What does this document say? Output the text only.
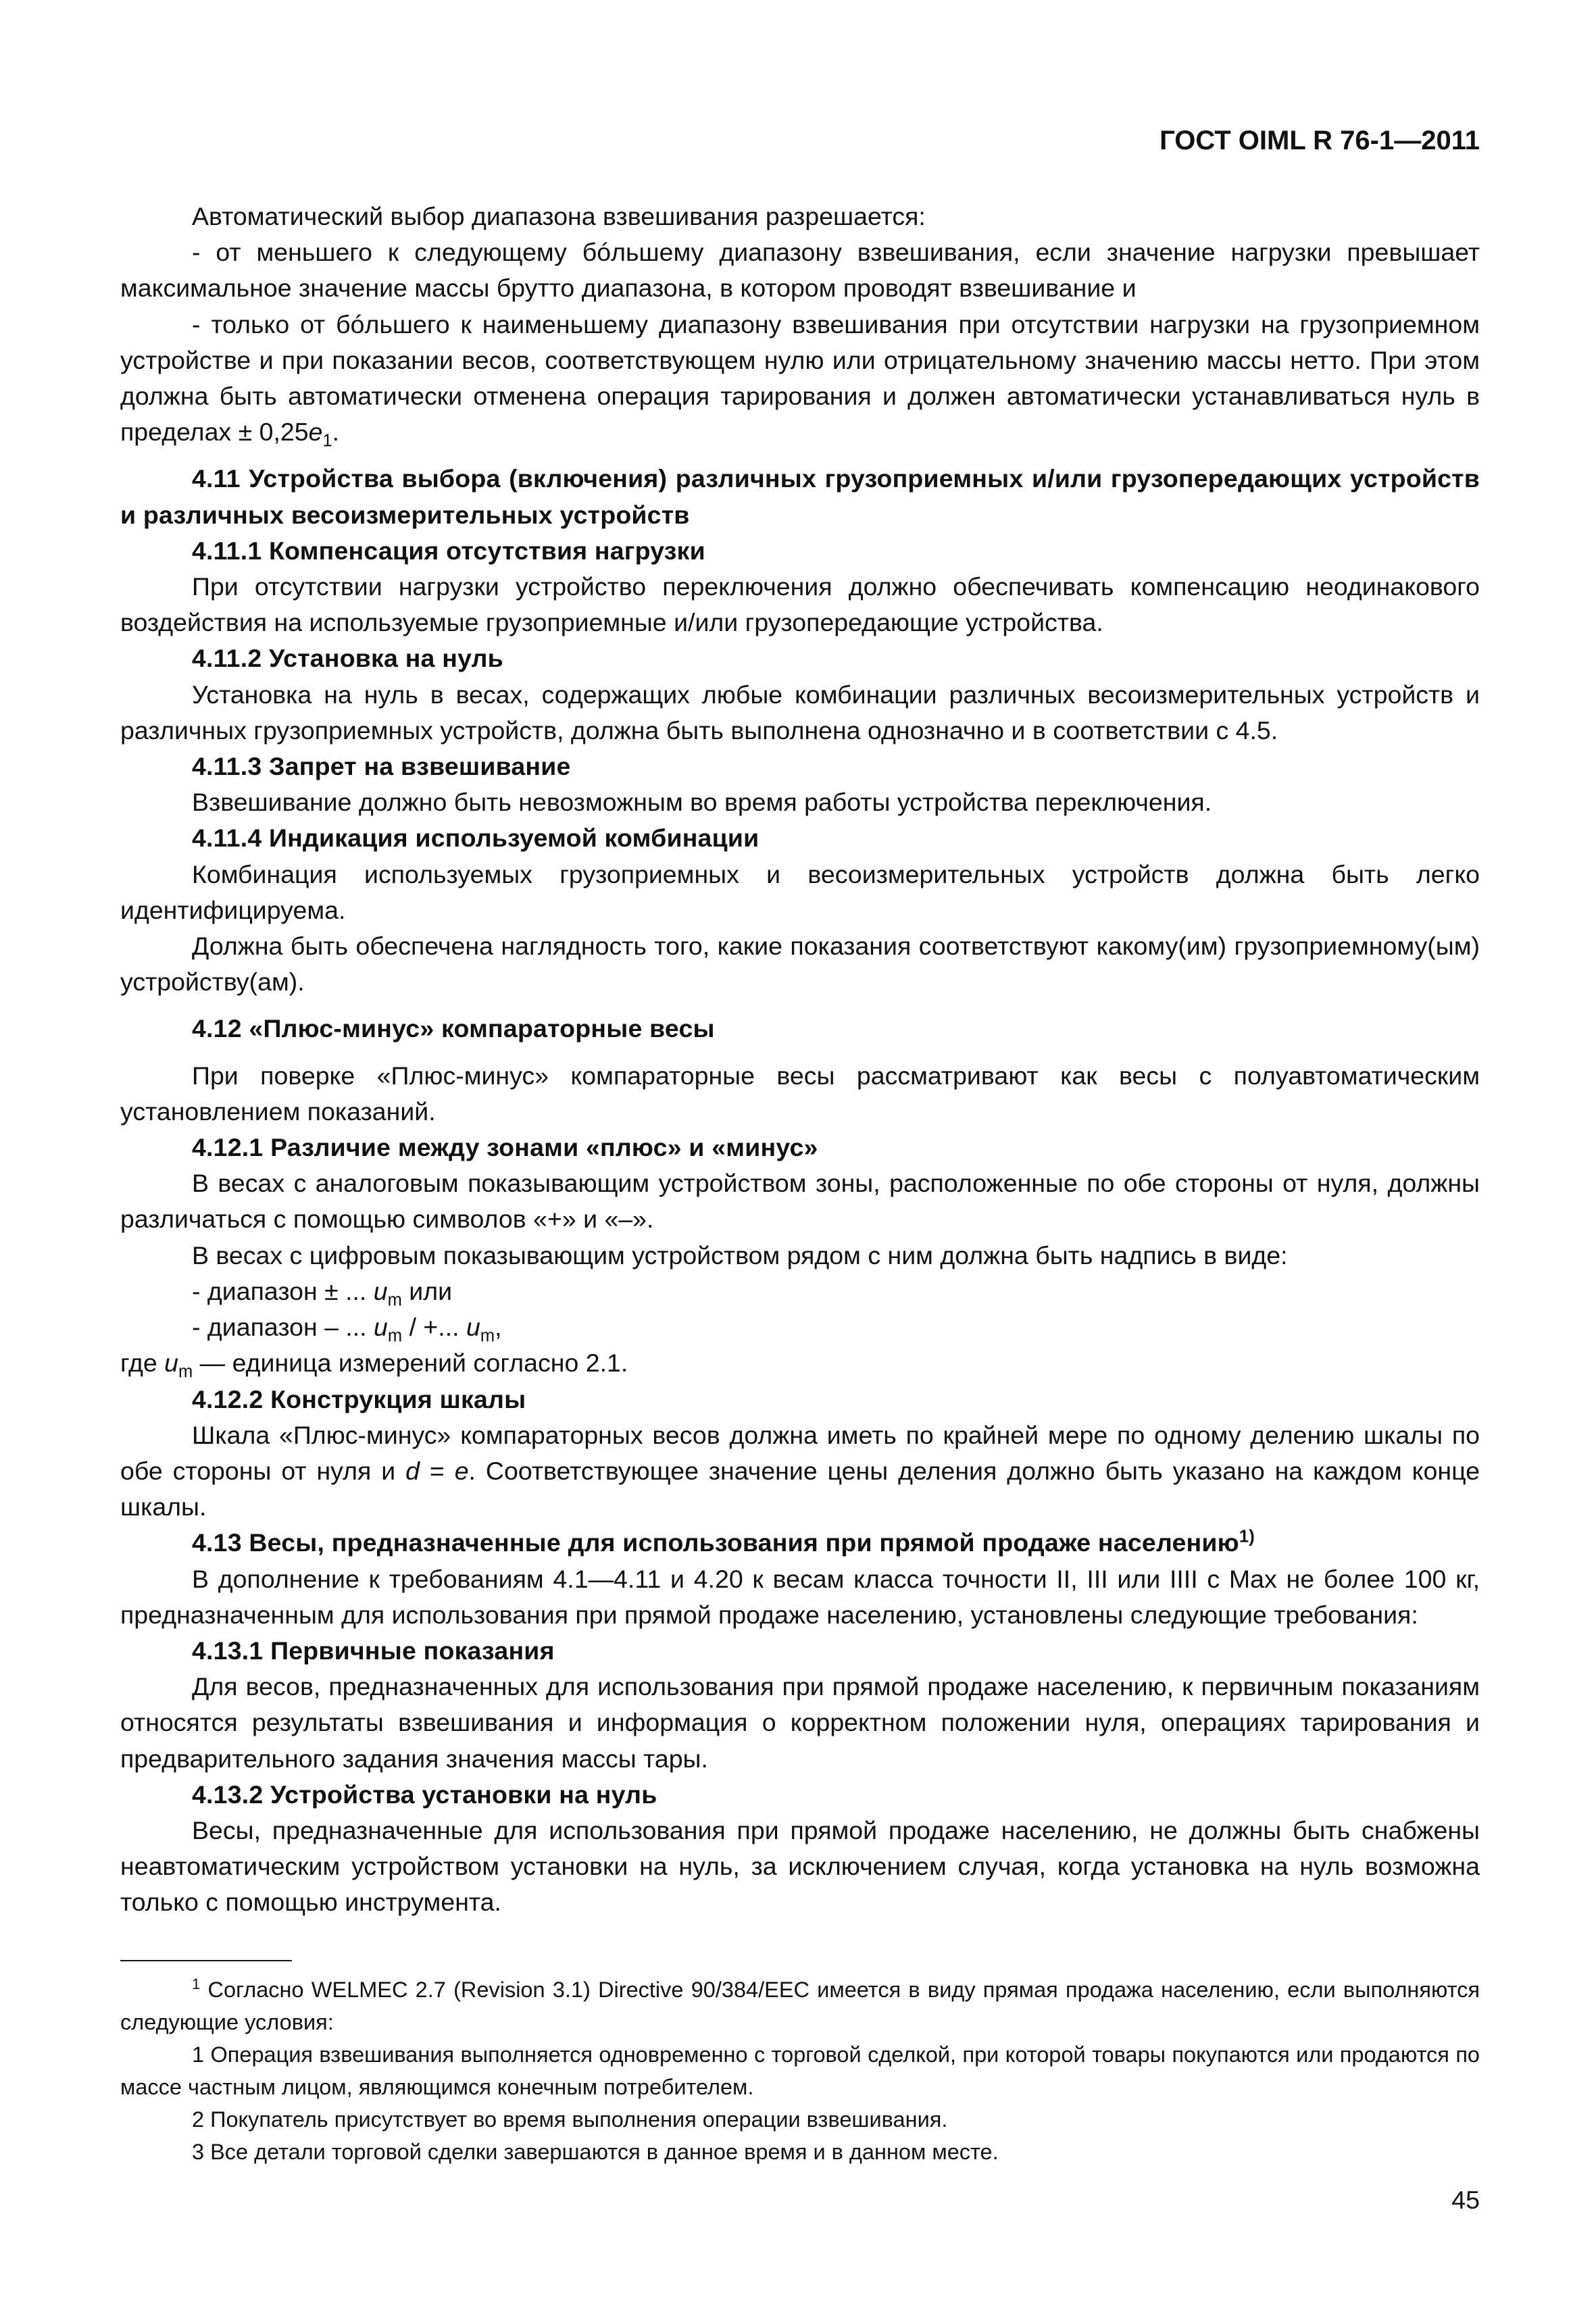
ГОСТ OIML R 76-1—2011

Автоматический выбор диапазона взвешивания разрешается:

- от меньшего к следующему бóльшему диапазону взвешивания, если значение нагрузки превышает максимальное значение массы брутто диапазона, в котором проводят взвешивание и

- только от бóльшего к наименьшему диапазону взвешивания при отсутствии нагрузки на грузоприемном устройстве и при показании весов, соответствующем нулю или отрицательному значению массы нетто. При этом должна быть автоматически отменена операция тарирования и должен автоматически устанавливаться нуль в пределах ± $0,25e_1$.

4.11 Устройства выбора (включения) различных грузоприемных и/или грузопередающих устройств и различных весоизмерительных устройств

4.11.1 Компенсация отсутствия нагрузки

При отсутствии нагрузки устройство переключения должно обеспечивать компенсацию неодинакового воздействия на используемые грузоприемные и/или грузопередающие устройства.

4.11.2 Установка на нуль

Установка на нуль в весах, содержащих любые комбинации различных весоизмерительных устройств и различных грузоприемных устройств, должна быть выполнена однозначно и в соответствии с 4.5.

4.11.3 Запрет на взвешивание

Взвешивание должно быть невозможным во время работы устройства переключения.

4.11.4 Индикация используемой комбинации

Комбинация используемых грузоприемных и весоизмерительных устройств должна быть легко идентифицируема.

Должна быть обеспечена наглядность того, какие показания соответствуют какому(им) грузоприемному(ым) устройству(ам).

4.12 «Плюс-минус» компараторные весы

При поверке «Плюс-минус» компараторные весы рассматривают как весы с полуавтоматическим установлением показаний.

4.12.1 Различие между зонами «плюс» и «минус»

В весах с аналоговым показывающим устройством зоны, расположенные по обе стороны от нуля, должны различаться с помощью символов «+» и «–».

В весах с цифровым показывающим устройством рядом с ним должна быть надпись в виде:

- диапазон ± ... $u_m$ или

- диапазон – ... $u_m$ / +... $u_m$,

где $u_m$ — единица измерений согласно 2.1.

4.12.2 Конструкция шкалы

Шкала «Плюс-минус» компараторных весов должна иметь по крайней мере по одному делению шкалы по обе стороны от нуля и d = e. Соответствующее значение цены деления должно быть указано на каждом конце шкалы.

4.13 Весы, предназначенные для использования при прямой продаже населению$^{1)}$

В дополнение к требованиям 4.1—4.11 и 4.20 к весам класса точности II, III или IIII с Max не более 100 кг, предназначенным для использования при прямой продаже населению, установлены следующие требования:

4.13.1 Первичные показания

Для весов, предназначенных для использования при прямой продаже населению, к первичным показаниям относятся результаты взвешивания и информация о корректном положении нуля, операциях тарирования и предварительного задания значения массы тары.

4.13.2 Устройства установки на нуль

Весы, предназначенные для использования при прямой продаже населению, не должны быть снабжены неавтоматическим устройством установки на нуль, за исключением случая, когда установка на нуль возможна только с помощью инструмента.

$^1$ Согласно WELMEC 2.7 (Revision 3.1) Directive 90/384/EEC имеется в виду прямая продажа населению, если выполняются следующие условия:

1 Операция взвешивания выполняется одновременно с торговой сделкой, при которой товары покупаются или продаются по массе частным лицом, являющимся конечным потребителем.

2 Покупатель присутствует во время выполнения операции взвешивания.

3 Все детали торговой сделки завершаются в данное время и в данном месте.

45
